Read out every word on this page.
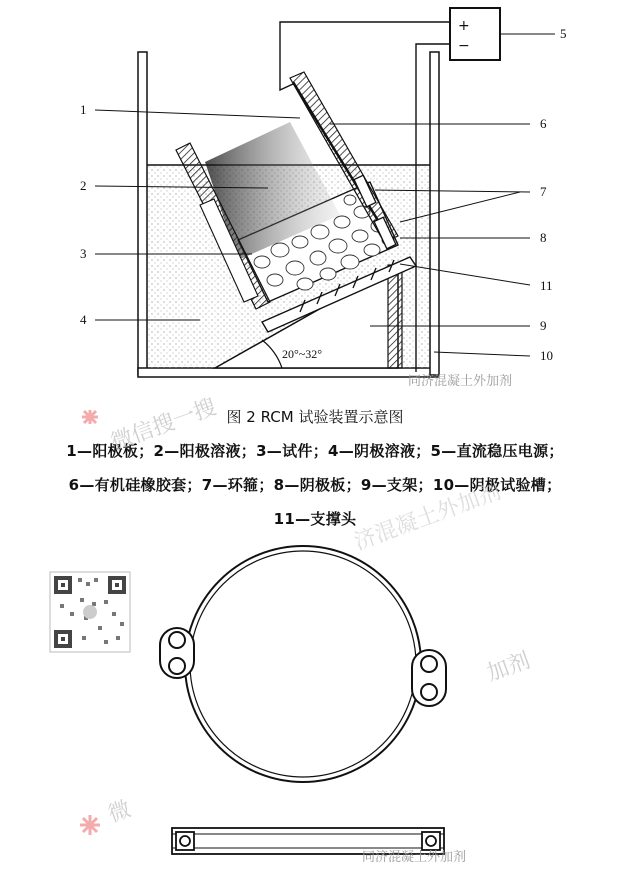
+
−
1
2
3
4
5
6
7
8
9
10
11
20°~32°
图 2 RCM 试验装置示意图
1—阳极板；2—阳极溶液；3—试件；4—阴极溶液；5—直流稳压电源；
6—有机硅橡胶套；7—环箍；8—阴极板；9—支架；10—阴极试验槽；
11—支撑头
同济混凝土外加剂
同济混凝土外加剂
微信搜一搜
加剂
微
济混凝土外加剂
